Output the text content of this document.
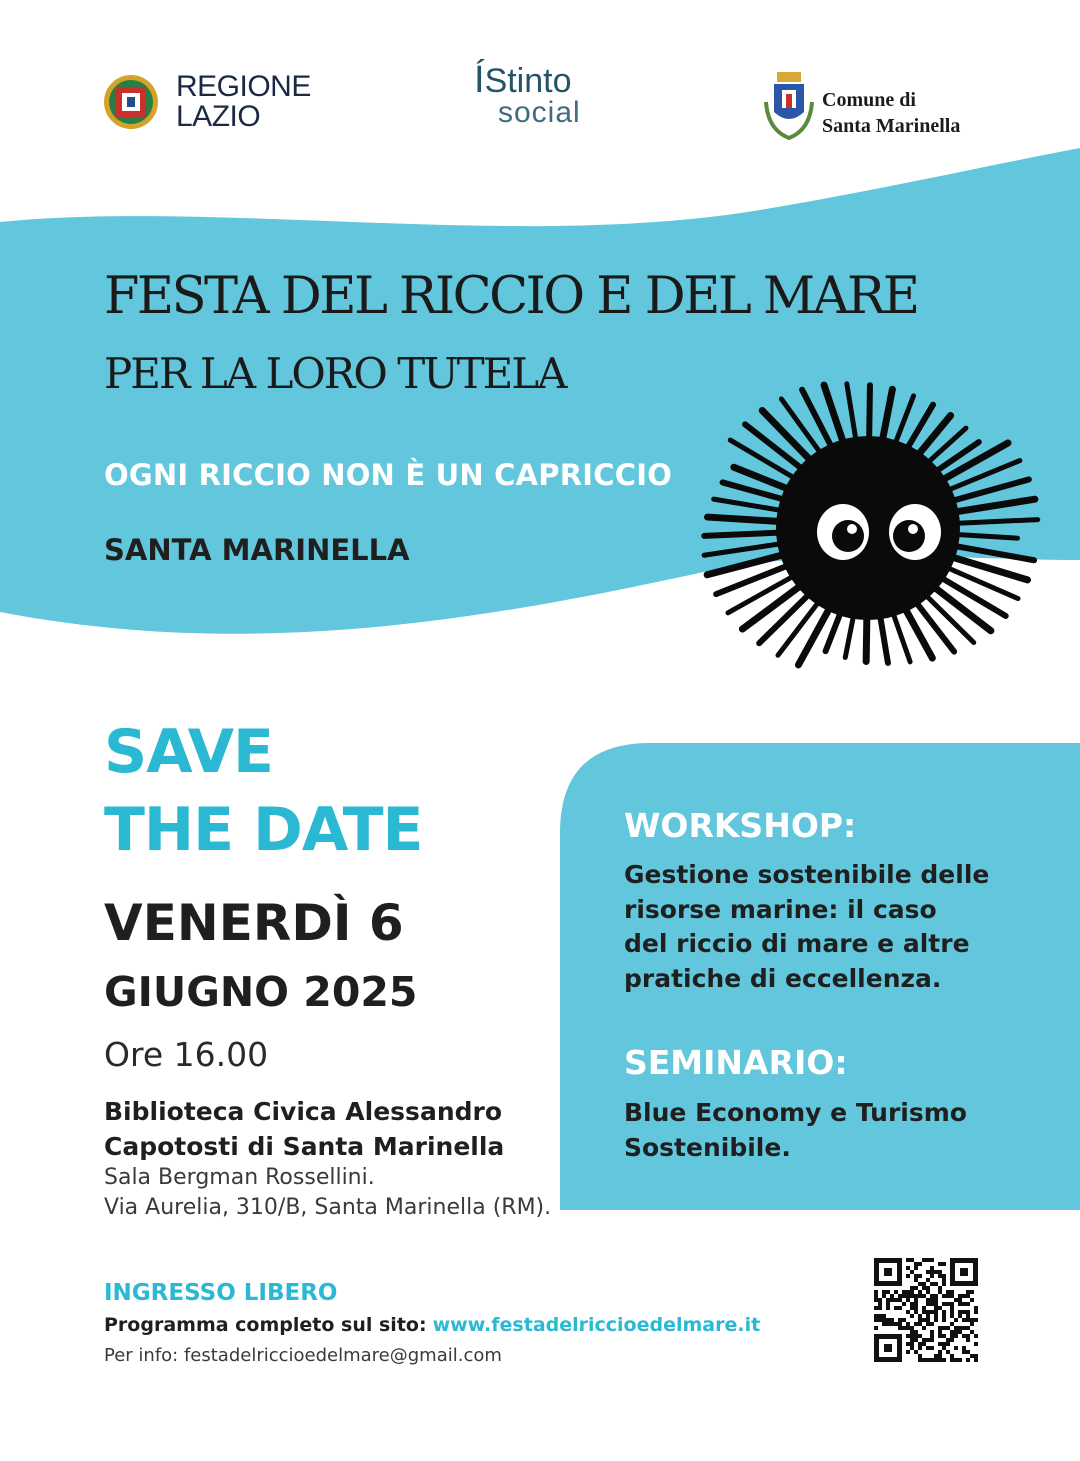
REGIONE
LAZIO
ÍStinto
social	Comune di
Santa Marinella
FESTA DEL RICCIO E DEL MARE
PER LA LORO TUTELA
OGNI RICCIO NON È UN CAPRICCIO
SANTA MARINELLA
SAVE
THE DATE
VENERDÌ 6
GIUGNO 2025
Ore 16.00
Biblioteca Civica Alessandro
Capotosti di Santa Marinella
Sala Bergman Rossellini.
Via Aurelia, 310/B, Santa Marinella (RM).
WORKSHOP:
Gestione sostenibile delle
risorse marine: il caso
del riccio di mare e altre
pratiche di eccellenza.
SEMINARIO:
Blue Economy e Turismo
Sostenibile.
INGRESSO LIBERO
Programma completo sul sito: www.festadelriccioedelmare.it
Per info: festadelriccioedelmare@gmail.com
